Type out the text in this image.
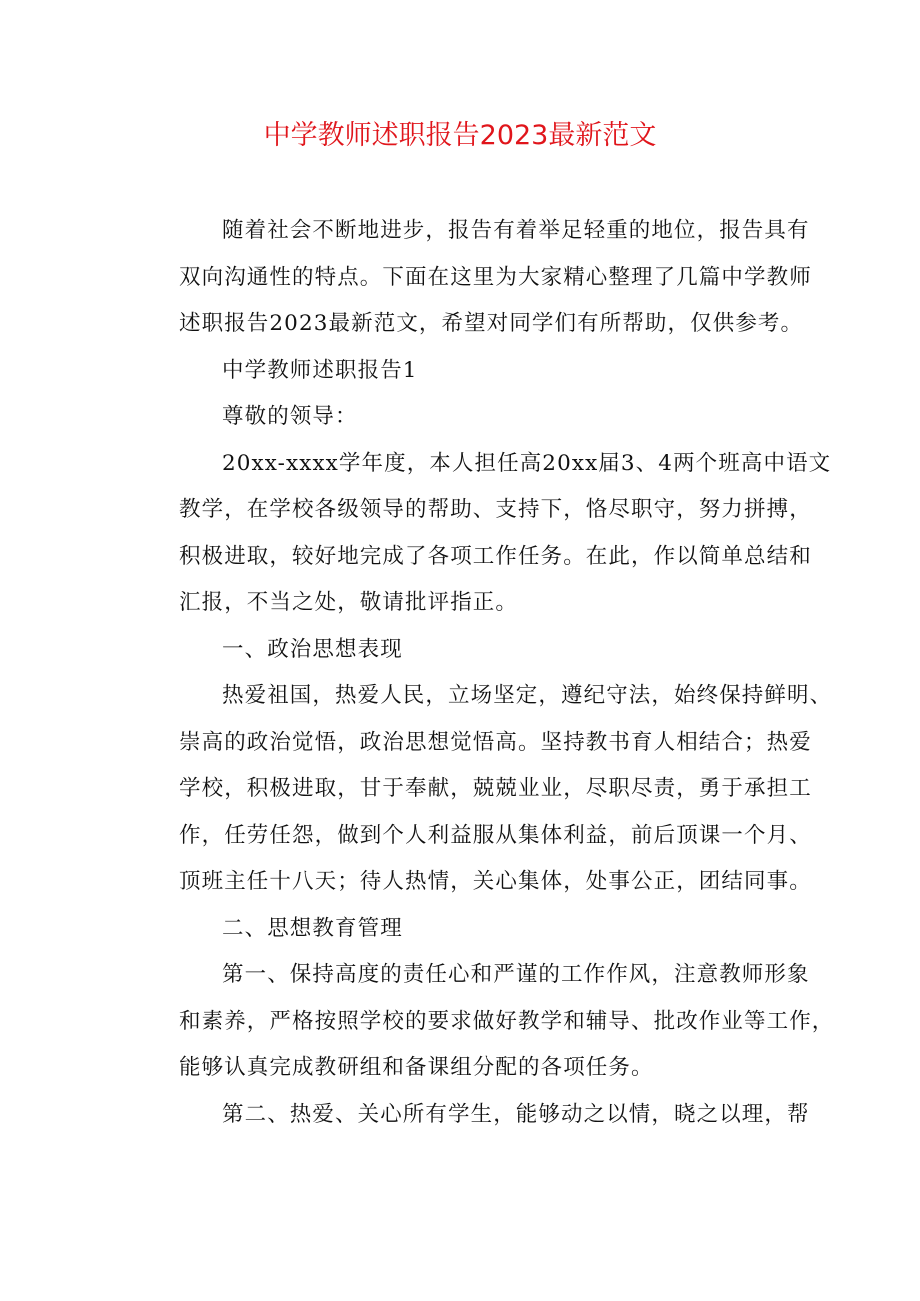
中学教师述职报告2023最新范文

随着社会不断地进步，报告有着举足轻重的地位，报告具有
双向沟通性的特点。下面在这里为大家精心整理了几篇中学教师
述职报告2023最新范文，希望对同学们有所帮助，仅供参考。

中学教师述职报告1

尊敬的领导：

20xx-xxxx学年度，本人担任高20xx届3、4两个班高中语文
教学，在学校各级领导的帮助、支持下，恪尽职守，努力拼搏，
积极进取，较好地完成了各项工作任务。在此，作以简单总结和
汇报，不当之处，敬请批评指正。

一、政治思想表现

热爱祖国，热爱人民，立场坚定，遵纪守法，始终保持鲜明、
崇高的政治觉悟，政治思想觉悟高。坚持教书育人相结合；热爱
学校，积极进取，甘于奉献，兢兢业业，尽职尽责，勇于承担工
作，任劳任怨，做到个人利益服从集体利益，前后顶课一个月、
顶班主任十八天；待人热情，关心集体，处事公正，团结同事。

二、思想教育管理

第一、保持高度的责任心和严谨的工作作风，注意教师形象
和素养，严格按照学校的要求做好教学和辅导、批改作业等工作，
能够认真完成教研组和备课组分配的各项任务。

第二、热爱、关心所有学生，能够动之以情，晓之以理，帮
